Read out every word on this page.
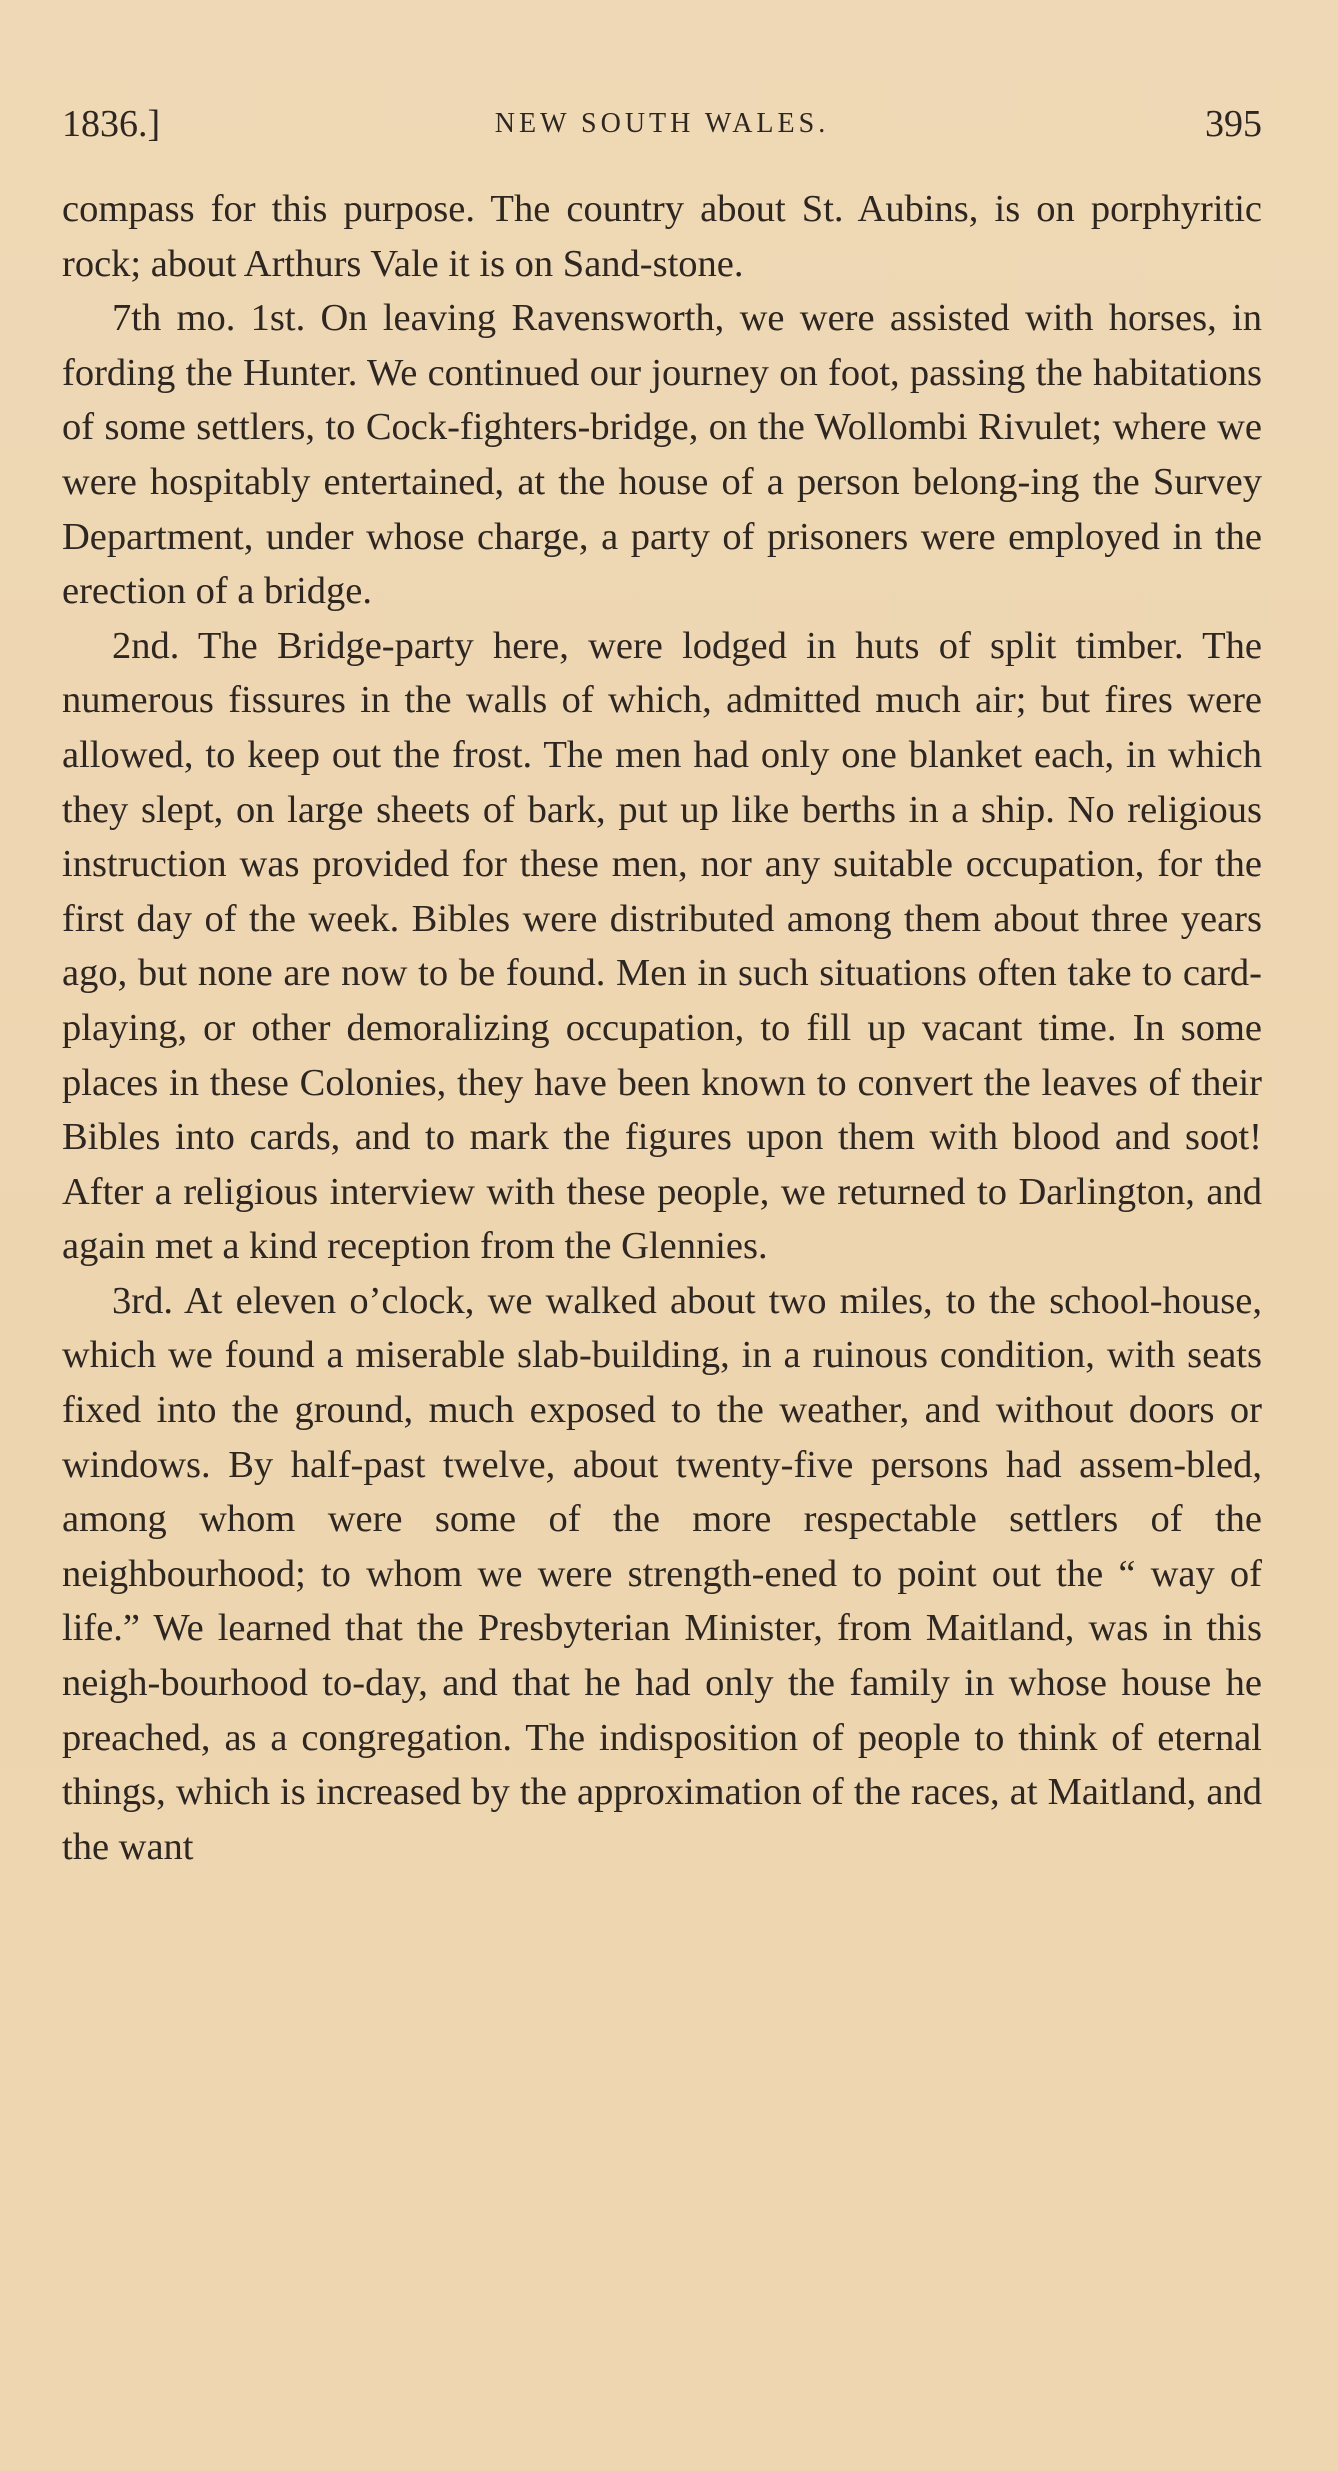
1836.]	NEW SOUTH WALES.	395

compass for this purpose. The country about St. Aubins, is on porphyritic rock; about Arthurs Vale it is on Sand-stone.

7th mo. 1st. On leaving Ravensworth, we were assisted with horses, in fording the Hunter. We continued our journey on foot, passing the habitations of some settlers, to Cock-fighters-bridge, on the Wollombi Rivulet; where we were hospitably entertained, at the house of a person belong-ing the Survey Department, under whose charge, a party of prisoners were employed in the erection of a bridge.

2nd. The Bridge-party here, were lodged in huts of split timber. The numerous fissures in the walls of which, admitted much air; but fires were allowed, to keep out the frost. The men had only one blanket each, in which they slept, on large sheets of bark, put up like berths in a ship. No religious instruction was provided for these men, nor any suitable occupation, for the first day of the week. Bibles were distributed among them about three years ago, but none are now to be found. Men in such situations often take to card-playing, or other demoralizing occupation, to fill up vacant time. In some places in these Colonies, they have been known to convert the leaves of their Bibles into cards, and to mark the figures upon them with blood and soot! After a religious interview with these people, we returned to Darlington, and again met a kind reception from the Glennies.

3rd. At eleven o’clock, we walked about two miles, to the school-house, which we found a miserable slab-building, in a ruinous condition, with seats fixed into the ground, much exposed to the weather, and without doors or windows. By half-past twelve, about twenty-five persons had assem-bled, among whom were some of the more respectable settlers of the neighbourhood; to whom we were strength-ened to point out the “ way of life.” We learned that the Presbyterian Minister, from Maitland, was in this neigh-bourhood to-day, and that he had only the family in whose house he preached, as a congregation. The indisposition of people to think of eternal things, which is increased by the approximation of the races, at Maitland, and the want
